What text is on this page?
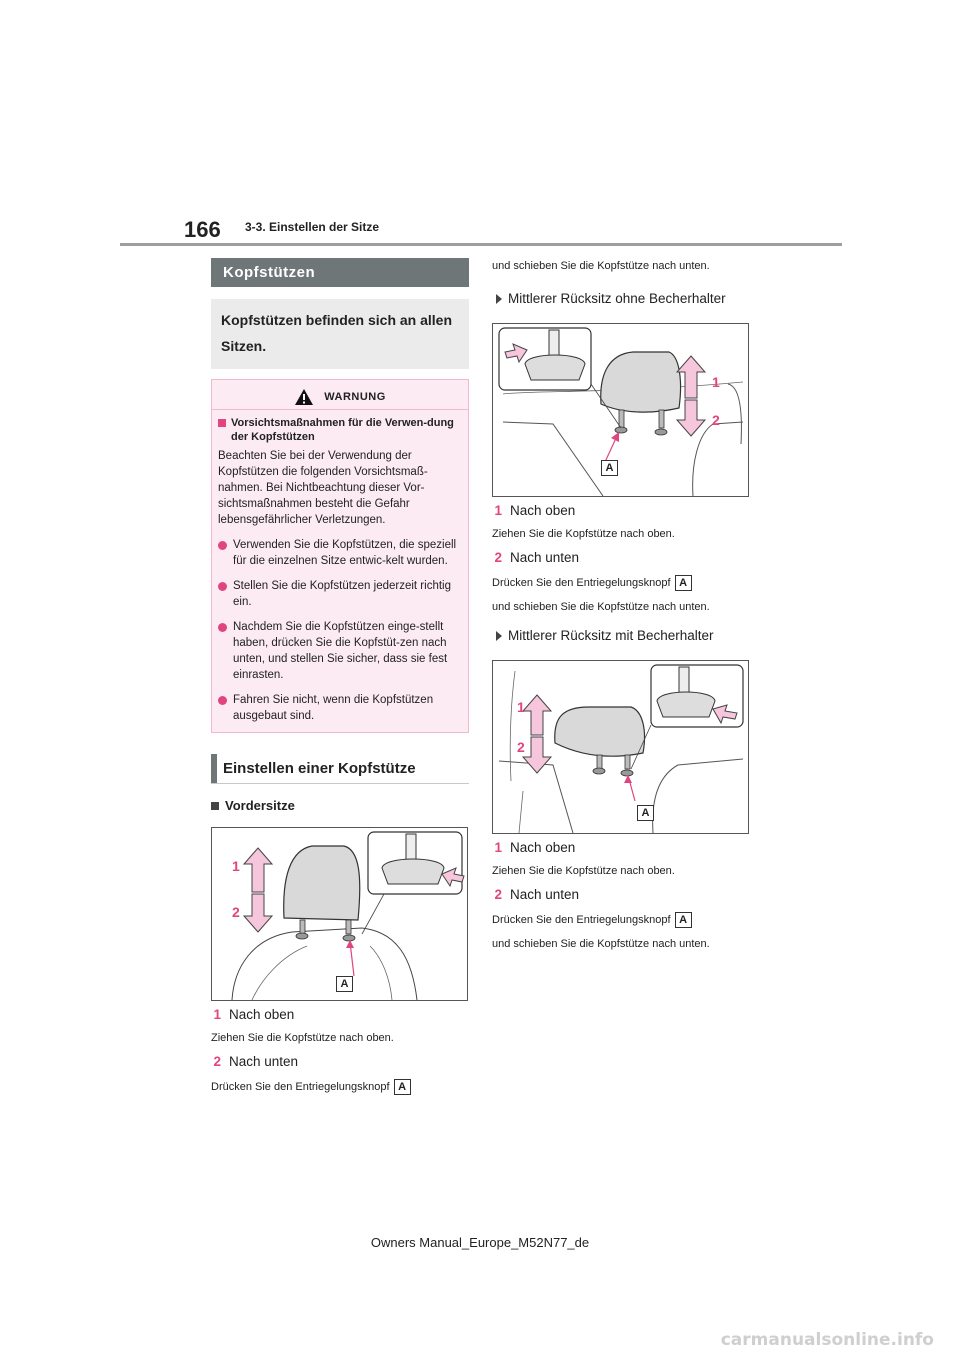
166 3-3. Einstellen der Sitze
Kopfstützen
Kopfstützen befinden sich an allen Sitzen.
WARNUNG
Vorsichtsmaßnahmen für die Verwen-dung der Kopfstützen
Beachten Sie bei der Verwendung der Kopfstützen die folgenden Vorsichtsmaß-nahmen. Bei Nichtbeachtung dieser Vor-sichtsmaßnahmen besteht die Gefahr lebensgefährlicher Verletzungen.
Verwenden Sie die Kopfstützen, die speziell für die einzelnen Sitze entwic-kelt wurden.
Stellen Sie die Kopfstützen jederzeit richtig ein.
Nachdem Sie die Kopfstützen einge-stellt haben, drücken Sie die Kopfstüt-zen nach unten, und stellen Sie sicher, dass sie fest einrasten.
Fahren Sie nicht, wenn die Kopfstützen ausgebaut sind.
Einstellen einer Kopfstütze
Vordersitze
1
2
A
1 Nach oben
Ziehen Sie die Kopfstütze nach oben.
2 Nach unten
Drücken Sie den Entriegelungsknopf A
und schieben Sie die Kopfstütze nach unten.
Mittlerer Rücksitz ohne Becherhalter
1
2
A
1 Nach oben
Ziehen Sie die Kopfstütze nach oben.
2 Nach unten
Drücken Sie den Entriegelungsknopf A
und schieben Sie die Kopfstütze nach unten.
Mittlerer Rücksitz mit Becherhalter
1
2
A
1 Nach oben
Ziehen Sie die Kopfstütze nach oben.
2 Nach unten
Drücken Sie den Entriegelungsknopf A
und schieben Sie die Kopfstütze nach unten.
Owners Manual_Europe_M52N77_de
carmanualsonline.info
